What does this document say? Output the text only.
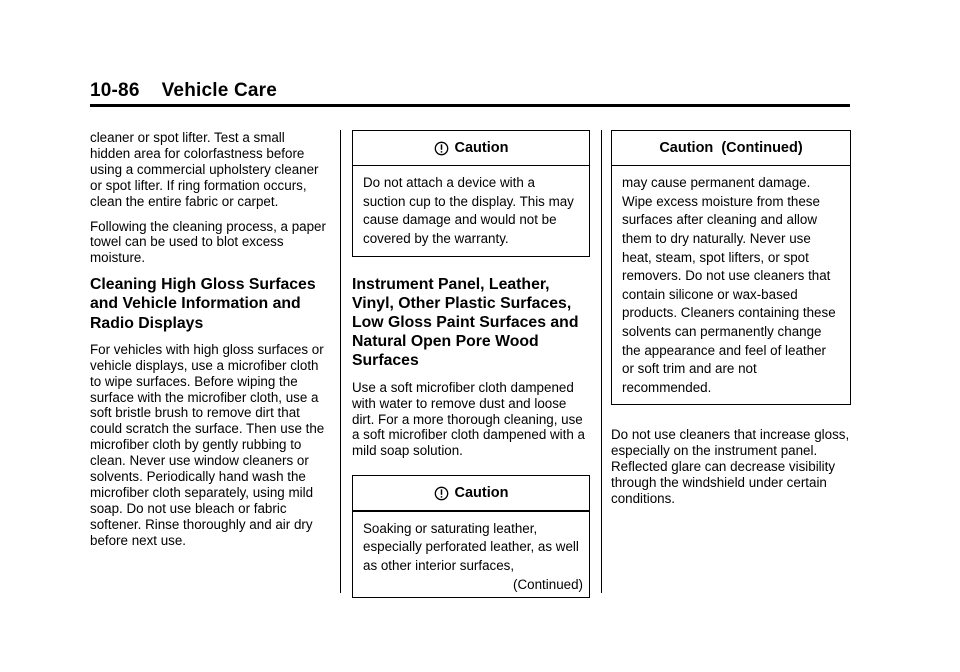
10-86 Vehicle Care

cleaner or spot lifter. Test a small hidden area for colorfastness before using a commercial upholstery cleaner or spot lifter. If ring formation occurs, clean the entire fabric or carpet.

Following the cleaning process, a paper towel can be used to blot excess moisture.

Cleaning High Gloss Surfaces and Vehicle Information and Radio Displays

For vehicles with high gloss surfaces or vehicle displays, use a microfiber cloth to wipe surfaces. Before wiping the surface with the microfiber cloth, use a soft bristle brush to remove dirt that could scratch the surface. Then use the microfiber cloth by gently rubbing to clean. Never use window cleaners or solvents. Periodically hand wash the microfiber cloth separately, using mild soap. Do not use bleach or fabric softener. Rinse thoroughly and air dry before next use.

Caution
Do not attach a device with a suction cup to the display. This may cause damage and would not be covered by the warranty.
Instrument Panel, Leather, Vinyl, Other Plastic Surfaces, Low Gloss Paint Surfaces and Natural Open Pore Wood Surfaces

Use a soft microfiber cloth dampened with water to remove dust and loose dirt. For a more thorough cleaning, use a soft microfiber cloth dampened with a mild soap solution.

Caution
Soaking or saturating leather, especially perforated leather, as well as other interior surfaces,
(Continued)
Caution  (Continued)
may cause permanent damage. Wipe excess moisture from these surfaces after cleaning and allow them to dry naturally. Never use heat, steam, spot lifters, or spot removers. Do not use cleaners that contain silicone or wax-based products. Cleaners containing these solvents can permanently change the appearance and feel of leather or soft trim and are not recommended.

Do not use cleaners that increase gloss, especially on the instrument panel. Reflected glare can decrease visibility through the windshield under certain conditions.
